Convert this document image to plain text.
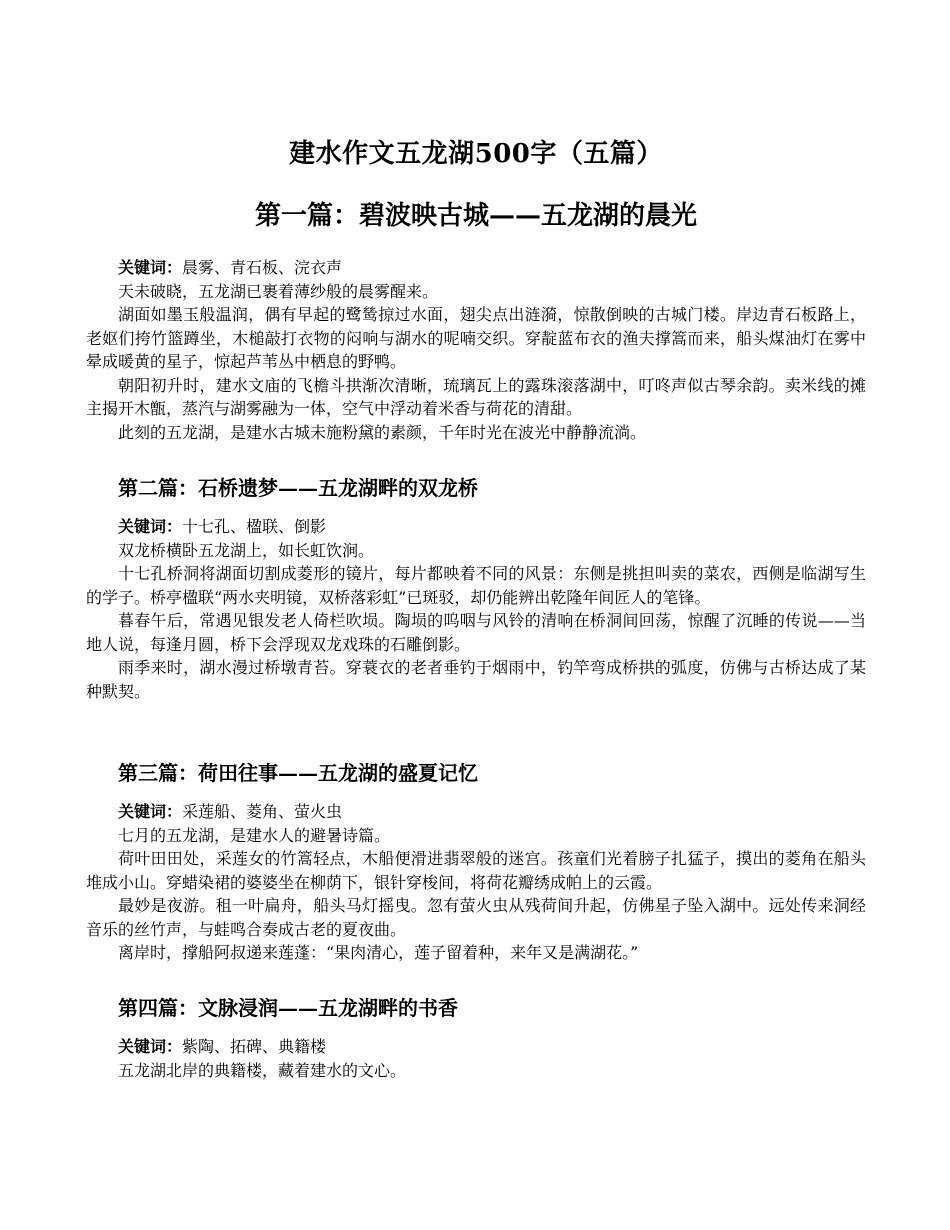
建水作文五龙湖500字（五篇）
第一篇：碧波映古城——五龙湖的晨光
关键词：晨雾、青石板、浣衣声

天未破晓，五龙湖已裹着薄纱般的晨雾醒来。

湖面如墨玉般温润，偶有早起的鹭鸶掠过水面，翅尖点出涟漪，惊散倒映的古城门楼。岸边青石板路上，老妪们挎竹篮蹲坐，木槌敲打衣物的闷响与湖水的呢喃交织。穿靛蓝布衣的渔夫撑篙而来，船头煤油灯在雾中晕成暖黄的星子，惊起芦苇丛中栖息的野鸭。

朝阳初升时，建水文庙的飞檐斗拱渐次清晰，琉璃瓦上的露珠滚落湖中，叮咚声似古琴余韵。卖米线的摊主揭开木甑，蒸汽与湖雾融为一体，空气中浮动着米香与荷花的清甜。

此刻的五龙湖，是建水古城未施粉黛的素颜，千年时光在波光中静静流淌。

第二篇：石桥遗梦——五龙湖畔的双龙桥
关键词：十七孔、楹联、倒影

双龙桥横卧五龙湖上，如长虹饮涧。

十七孔桥洞将湖面切割成菱形的镜片，每片都映着不同的风景：东侧是挑担叫卖的菜农，西侧是临湖写生的学子。桥亭楹联“两水夹明镜，双桥落彩虹”已斑驳，却仍能辨出乾隆年间匠人的笔锋。

暮春午后，常遇见银发老人倚栏吹埙。陶埙的呜咽与风铃的清响在桥洞间回荡，惊醒了沉睡的传说——当地人说，每逢月圆，桥下会浮现双龙戏珠的石雕倒影。

雨季来时，湖水漫过桥墩青苔。穿蓑衣的老者垂钓于烟雨中，钓竿弯成桥拱的弧度，仿佛与古桥达成了某种默契。

第三篇：荷田往事——五龙湖的盛夏记忆
关键词：采莲船、菱角、萤火虫

七月的五龙湖，是建水人的避暑诗篇。

荷叶田田处，采莲女的竹篙轻点，木船便滑进翡翠般的迷宫。孩童们光着膀子扎猛子，摸出的菱角在船头堆成小山。穿蜡染裙的婆婆坐在柳荫下，银针穿梭间，将荷花瓣绣成帕上的云霞。

最妙是夜游。租一叶扁舟，船头马灯摇曳。忽有萤火虫从残荷间升起，仿佛星子坠入湖中。远处传来洞经音乐的丝竹声，与蛙鸣合奏成古老的夏夜曲。

离岸时，撑船阿叔递来莲蓬：“果肉清心，莲子留着种，来年又是满湖花。”

第四篇：文脉浸润——五龙湖畔的书香
关键词：紫陶、拓碑、典籍楼

五龙湖北岸的典籍楼，藏着建水的文心。
